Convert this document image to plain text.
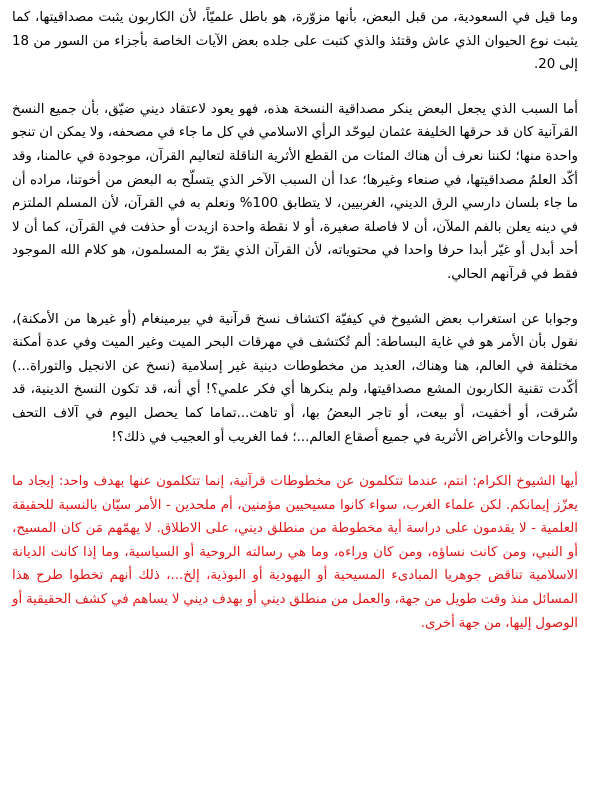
وما قيل في السعودية، من قبل البعض، بأنها مزوّرة، هو باطل علميّاً، لأن الكاربون يثبت مصداقيتها، كما يثبت نوع الحيوان الذي عاش وقتئذ والذي كتبت على جلده بعض الآيات الخاصة بأجزاء من السور من 18 إلى 20.

أما السبب الذي يجعل البعض ينكر مصداقية النسخة هذه، فهو يعود لاعتقاد ديني ضيّق، بأن جميع النسخ القرآنية كان قد حرقها الخليفة عثمان ليوحّد الرأي الاسلامي في كل ما جاء في مصحفه، ولا يمكن ان تنجو واحدة منها؛ لكننا نعرف أن هناك المئات من القطع الأثرية الناقلة لتعاليم القرآن، موجودة في عالمنا، وقد أكّد العلمُ مصداقيتها، في صنعاء وغيرها؛ عدا أن السبب الآخر الذي يتسلّح به البعض من أخوتنا، مراده أن ما جاء بلسان دارسي الرق الديني، الغربيين، لا يتطابق 100% ونعلم به في القرآن، لأن المسلم الملتزم في دينه يعلن بالفم الملآن، أن لا فاصلة صغيرة، أو لا نقطة واحدة ازيدت أو حذفت في القرآن، كما أن لا أحد أبدل أو غيّر أبدا حرفا واحدا في محتوياته، لأن القرآن الذي يقرّ به المسلمون، هو كلام الله الموجود فقط في قرآنهم الحالي.

وجوابا عن استغراب بعض الشيوخ في كيفيّة اكتشاف نسخ قرآنية في بيرمينغام (أو غيرها من الأمكنة)، نقول بأن الأمر هو في غاية البساطة: ألم تُكتشف في مهرقات البحر الميت وغير الميت وفي عدة أمكنة مختلفة في العالم، هنا وهناك، العديد من مخطوطات دينية غير إسلامية (نسخ عن الانجيل والتوراة...) أكّدت تقنية الكاربون المشع مصداقيتها، ولم ينكرها أي فكر علمي؟! أي أنه، قد تكون النسخ الدينية، قد سُرقت، أو أخفيت، أو بيعت، أو تاجر البعضُ بها، أو تاهت...تماما كما يحصل اليوم في آلاف التحف واللوحات والأغراض الأثرية في جميع أصقاع العالم...؛ فما الغريب أو العجيب في ذلك؟!

أيها الشيوخ الكرام: انتم، عندما تتكلمون عن مخطوطات قرآنية، إنما تتكلمون عنها بهدف واحد: إيجاد ما يعزّز إيمانكم. لكن علماء الغرب، سواء كانوا مسيحيين مؤمنين، أم ملحدين - الأمر سيّان بالنسبة للحقيقة العلمية - لا يقدمون على دراسة أية مخطوطة من منطلق ديني، على الاطلاق. لا يهمّهم مَن كان المسيح، أو النبي، ومن كانت نساؤه، ومن كان وراءه، وما هي رسالته الروحية أو السياسية، وما إذا كانت الديانة الاسلامية تناقض جوهريا المبادىء المسيحية أو اليهودية أو البوذية، إلخ...، ذلك أنهم تخطوا طرح هذا المسائل منذ وقت طويل من جهة، والعمل من منطلق ديني أو بهدف ديني لا يساهم في كشف الحقيقية أو الوصول إليها، من جهة أخرى.
